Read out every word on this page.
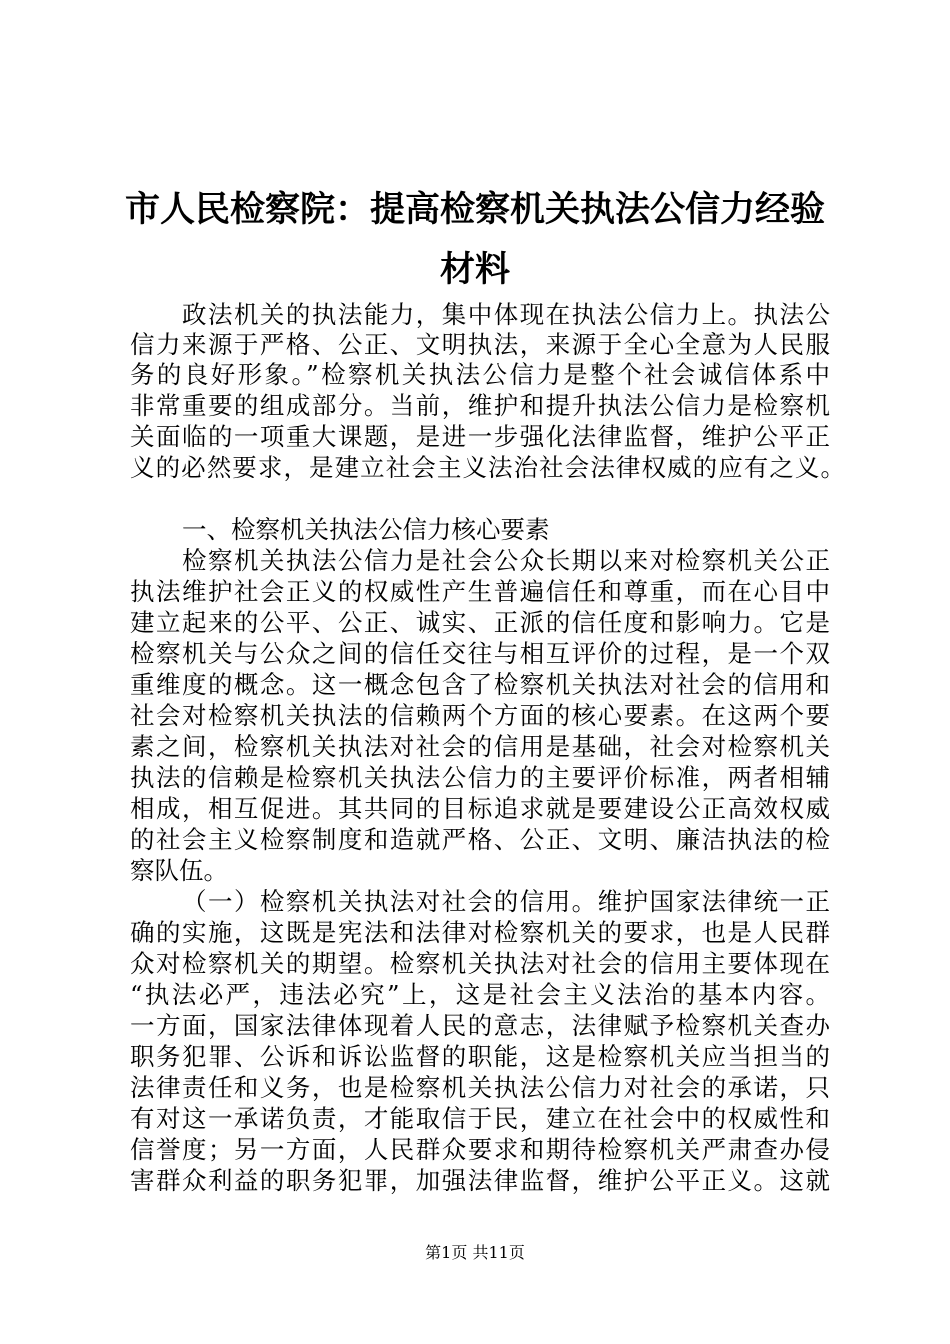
市人民检察院：提高检察机关执法公信力经验
材料
政法机关的执法能力，集中体现在执法公信力上。执法公
信力来源于严格、公正、文明执法，来源于全心全意为人民服
务的良好形象。”检察机关执法公信力是整个社会诚信体系中
非常重要的组成部分。当前，维护和提升执法公信力是检察机
关面临的一项重大课题，是进一步强化法律监督，维护公平正
义的必然要求，是建立社会主义法治社会法律权威的应有之义。
一、检察机关执法公信力核心要素
检察机关执法公信力是社会公众长期以来对检察机关公正
执法维护社会正义的权威性产生普遍信任和尊重，而在心目中
建立起来的公平、公正、诚实、正派的信任度和影响力。它是
检察机关与公众之间的信任交往与相互评价的过程，是一个双
重维度的概念。这一概念包含了检察机关执法对社会的信用和
社会对检察机关执法的信赖两个方面的核心要素。在这两个要
素之间，检察机关执法对社会的信用是基础，社会对检察机关
执法的信赖是检察机关执法公信力的主要评价标准，两者相辅
相成，相互促进。其共同的目标追求就是要建设公正高效权威
的社会主义检察制度和造就严格、公正、文明、廉洁执法的检
察队伍。
（一）检察机关执法对社会的信用。维护国家法律统一正
确的实施，这既是宪法和法律对检察机关的要求，也是人民群
众对检察机关的期望。检察机关执法对社会的信用主要体现在
“执法必严，违法必究”上，这是社会主义法治的基本内容。
一方面，国家法律体现着人民的意志，法律赋予检察机关查办
职务犯罪、公诉和诉讼监督的职能，这是检察机关应当担当的
法律责任和义务，也是检察机关执法公信力对社会的承诺，只
有对这一承诺负责，才能取信于民，建立在社会中的权威性和
信誉度；另一方面，人民群众要求和期待检察机关严肃查办侵
害群众利益的职务犯罪，加强法律监督，维护公平正义。这就
第1页 共11页
